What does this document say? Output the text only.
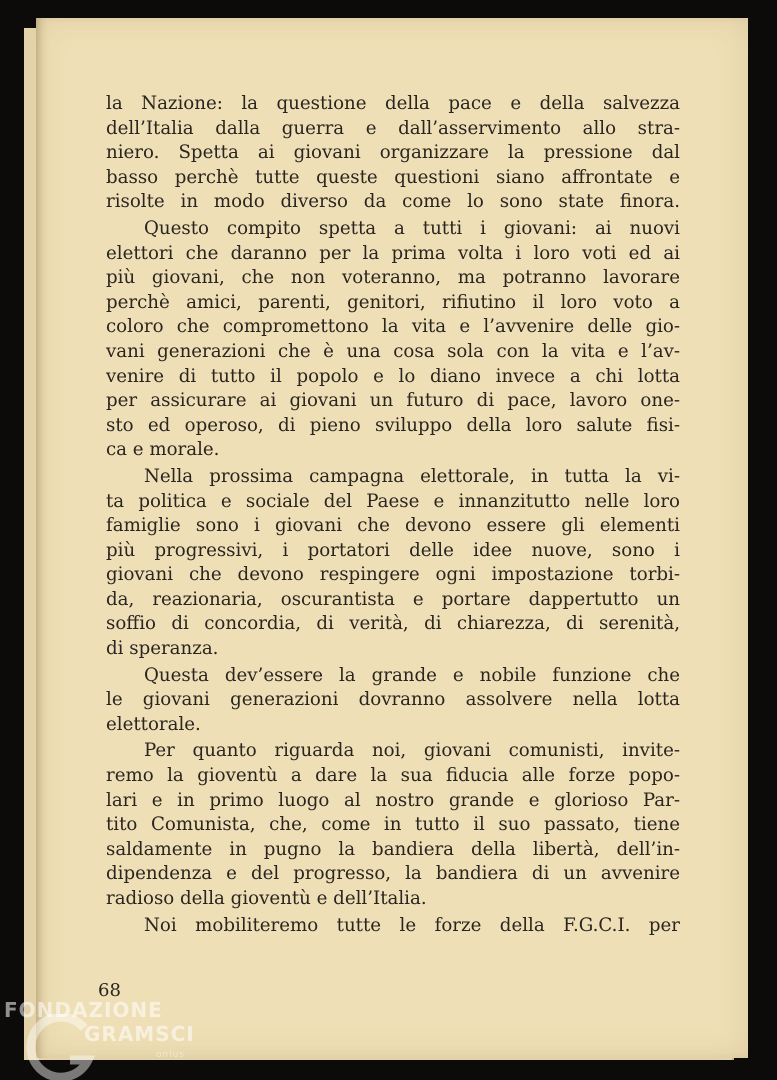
la Nazione: la questione della pace e della salvezza
dell’Italia dalla guerra e dall’asservimento allo stra-
niero. Spetta ai giovani organizzare la pressione dal
basso perchè tutte queste questioni siano affrontate e
risolte in modo diverso da come lo sono state finora.

Questo compito spetta a tutti i giovani: ai nuovi
elettori che daranno per la prima volta i loro voti ed ai
più giovani, che non voteranno, ma potranno lavorare
perchè amici, parenti, genitori, rifiutino il loro voto a
coloro che compromettono la vita e l’avvenire delle gio-
vani generazioni che è una cosa sola con la vita e l’av-
venire di tutto il popolo e lo diano invece a chi lotta
per assicurare ai giovani un futuro di pace, lavoro one-
sto ed operoso, di pieno sviluppo della loro salute fisi-
ca e morale.

Nella prossima campagna elettorale, in tutta la vi-
ta politica e sociale del Paese e innanzitutto nelle loro
famiglie sono i giovani che devono essere gli elementi
più progressivi, i portatori delle idee nuove, sono i
giovani che devono respingere ogni impostazione torbi-
da, reazionaria, oscurantista e portare dappertutto un
soffio di concordia, di verità, di chiarezza, di serenità,
di speranza.

Questa dev’essere la grande e nobile funzione che
le giovani generazioni dovranno assolvere nella lotta
elettorale.

Per quanto riguarda noi, giovani comunisti, invite-
remo la gioventù a dare la sua fiducia alle forze popo-
lari e in primo luogo al nostro grande e glorioso Par-
tito Comunista, che, come in tutto il suo passato, tiene
saldamente in pugno la bandiera della libertà, dell’in-
dipendenza e del progresso, la bandiera di un avvenire
radioso della gioventù e dell’Italia.

Noi mobiliteremo tutte le forze della F.G.C.I. per

68
FONDAZIONE
GRAMSCI
onlus
